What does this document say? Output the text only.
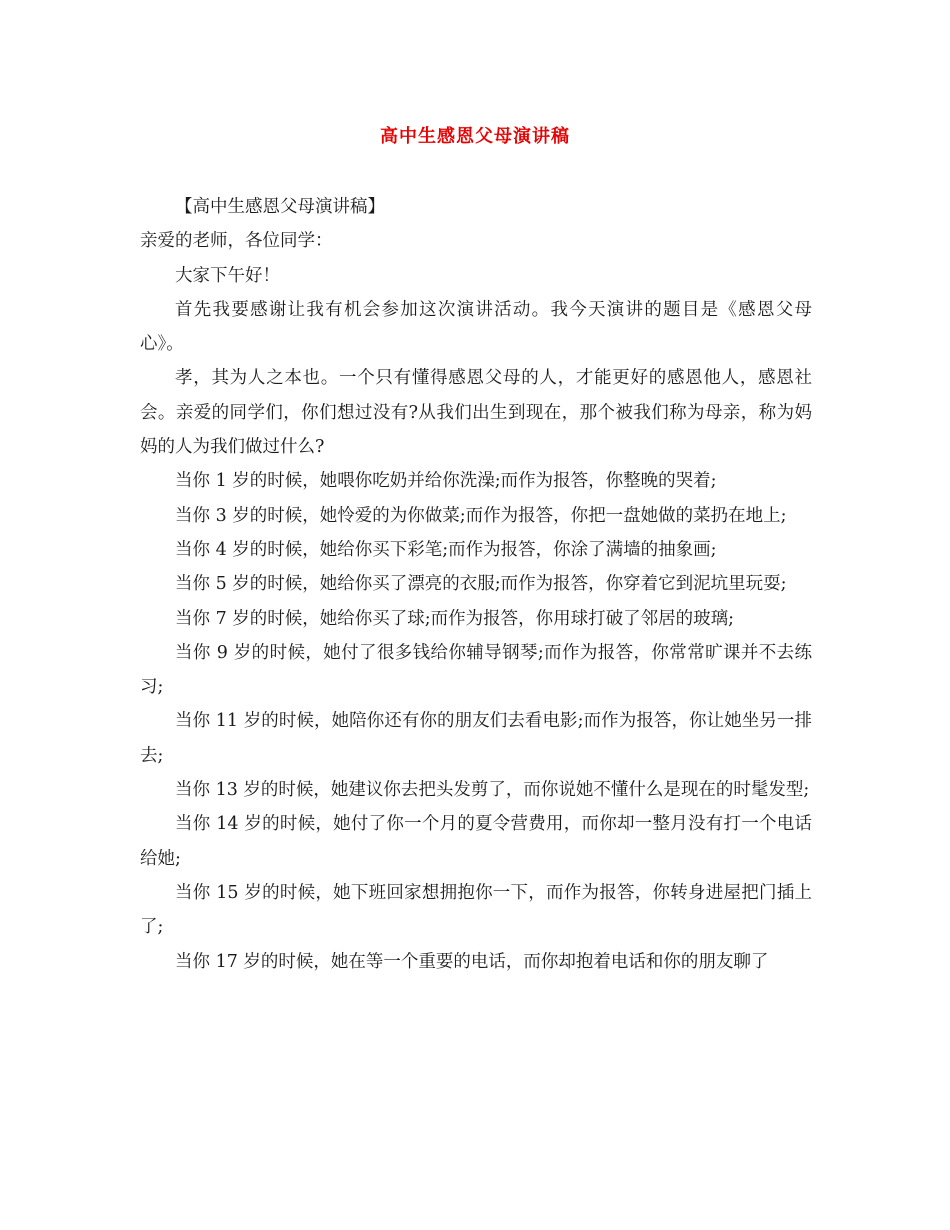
高中生感恩父母演讲稿

【高中生感恩父母演讲稿】

亲爱的老师，各位同学：

大家下午好！

首先我要感谢让我有机会参加这次演讲活动。我今天演讲的题目是《感恩父母心》。

孝，其为人之本也。一个只有懂得感恩父母的人，才能更好的感恩他人，感恩社会。亲爱的同学们，你们想过没有?从我们出生到现在，那个被我们称为母亲，称为妈妈的人为我们做过什么?

当你 1 岁的时候，她喂你吃奶并给你洗澡;而作为报答，你整晚的哭着;

当你 3 岁的时候，她怜爱的为你做菜;而作为报答，你把一盘她做的菜扔在地上;

当你 4 岁的时候，她给你买下彩笔;而作为报答，你涂了满墙的抽象画;

当你 5 岁的时候，她给你买了漂亮的衣服;而作为报答，你穿着它到泥坑里玩耍;

当你 7 岁的时候，她给你买了球;而作为报答，你用球打破了邻居的玻璃;

当你 9 岁的时候，她付了很多钱给你辅导钢琴;而作为报答，你常常旷课并不去练习;

当你 11 岁的时候，她陪你还有你的朋友们去看电影;而作为报答，你让她坐另一排去;

当你 13 岁的时候，她建议你去把头发剪了，而你说她不懂什么是现在的时髦发型;

当你 14 岁的时候，她付了你一个月的夏令营费用，而你却一整月没有打一个电话给她;

当你 15 岁的时候，她下班回家想拥抱你一下，而作为报答，你转身进屋把门插上了;

当你 17 岁的时候，她在等一个重要的电话，而你却抱着电话和你的朋友聊了
